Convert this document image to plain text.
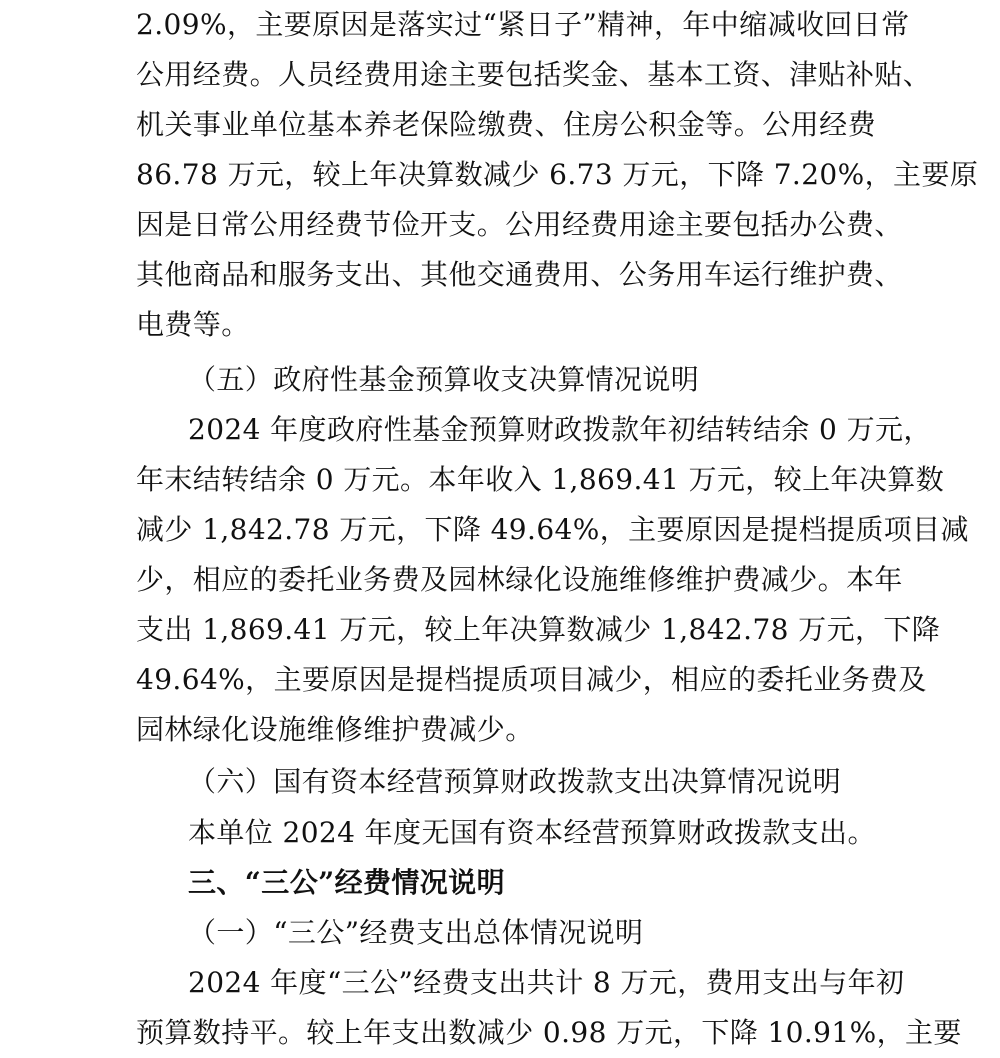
2.09%，主要原因是落实过“紧日子”精神，年中缩减收回日常
公用经费。人员经费用途主要包括奖金、基本工资、津贴补贴、
机关事业单位基本养老保险缴费、住房公积金等。公用经费
86.78 万元，较上年决算数减少 6.73 万元，下降 7.20%，主要原
因是日常公用经费节俭开支。公用经费用途主要包括办公费、
其他商品和服务支出、其他交通费用、公务用车运行维护费、
电费等。
（五）政府性基金预算收支决算情况说明
2024 年度政府性基金预算财政拨款年初结转结余 0 万元，
年末结转结余 0 万元。本年收入 1,869.41 万元，较上年决算数
减少 1,842.78 万元，下降 49.64%，主要原因是提档提质项目减
少，相应的委托业务费及园林绿化设施维修维护费减少。本年
支出 1,869.41 万元，较上年决算数减少 1,842.78 万元，下降
49.64%，主要原因是提档提质项目减少，相应的委托业务费及
园林绿化设施维修维护费减少。
（六）国有资本经营预算财政拨款支出决算情况说明
本单位 2024 年度无国有资本经营预算财政拨款支出。
三、“三公”经费情况说明
（一）“三公”经费支出总体情况说明
2024 年度“三公”经费支出共计 8 万元，费用支出与年初
预算数持平。较上年支出数减少 0.98 万元，下降 10.91%，主要
